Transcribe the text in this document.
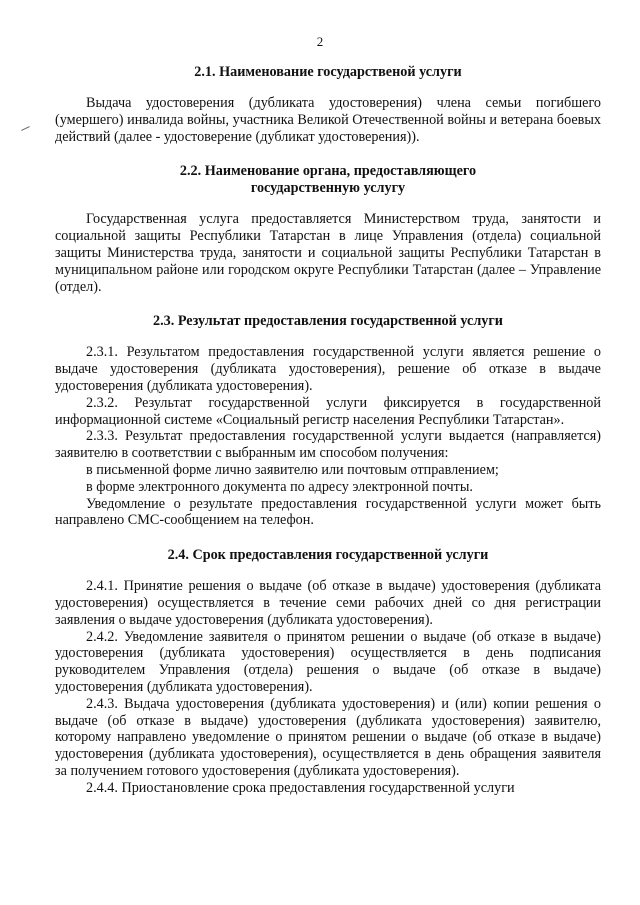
2

2.1. Наименование государственой услуги

Выдача удостоверения (дубликата удостоверения) члена семьи погибшего (умершего) инвалида войны, участника Великой Отечественной войны и ветерана боевых действий (далее - удостоверение (дубликат удостоверения)).

2.2. Наименование органа, предоставляющего

государственную услугу

Государственная услуга предоставляется Министерством труда, занятости и социальной защиты Республики Татарстан в лице Управления (отдела) социальной защиты Министерства труда, занятости и социальной защиты Республики Татарстан в муниципальном районе или городском округе Республики Татарстан (далее – Управление (отдел).

2.3. Результат предоставления государственной услуги

2.3.1. Результатом предоставления государственной услуги является решение о выдаче удостоверения (дубликата удостоверения), решение об отказе в выдаче удостоверения (дубликата удостоверения).

2.3.2. Результат государственной услуги фиксируется в государственной информационной системе «Социальный регистр населения Республики Татарстан».

2.3.3. Результат предоставления государственной услуги выдается (направляется) заявителю в соответствии с выбранным им способом получения:

в письменной форме лично заявителю или почтовым отправлением;

в форме электронного документа по адресу электронной почты.

Уведомление о результате предоставления государственной услуги может быть направлено СМС-сообщением на телефон.

2.4. Срок предоставления государственной услуги

2.4.1. Принятие решения о выдаче (об отказе в выдаче) удостоверения (дубликата удостоверения) осуществляется в течение семи рабочих дней со дня регистрации заявления о выдаче удостоверения (дубликата удостоверения).

2.4.2. Уведомление заявителя о принятом решении о выдаче (об отказе в выдаче) удостоверения (дубликата удостоверения) осуществляется в день подписания руководителем Управления (отдела) решения о выдаче (об отказе в выдаче) удостоверения (дубликата удостоверения).

2.4.3. Выдача удостоверения (дубликата удостоверения) и (или) копии решения о выдаче (об отказе в выдаче) удостоверения (дубликата удостоверения) заявителю, которому направлено уведомление о принятом решении о выдаче (об отказе в выдаче) удостоверения (дубликата удостоверения), осуществляется в день обращения заявителя за получением готового удостоверения (дубликата удостоверения).

2.4.4. Приостановление срока предоставления государственной услуги
